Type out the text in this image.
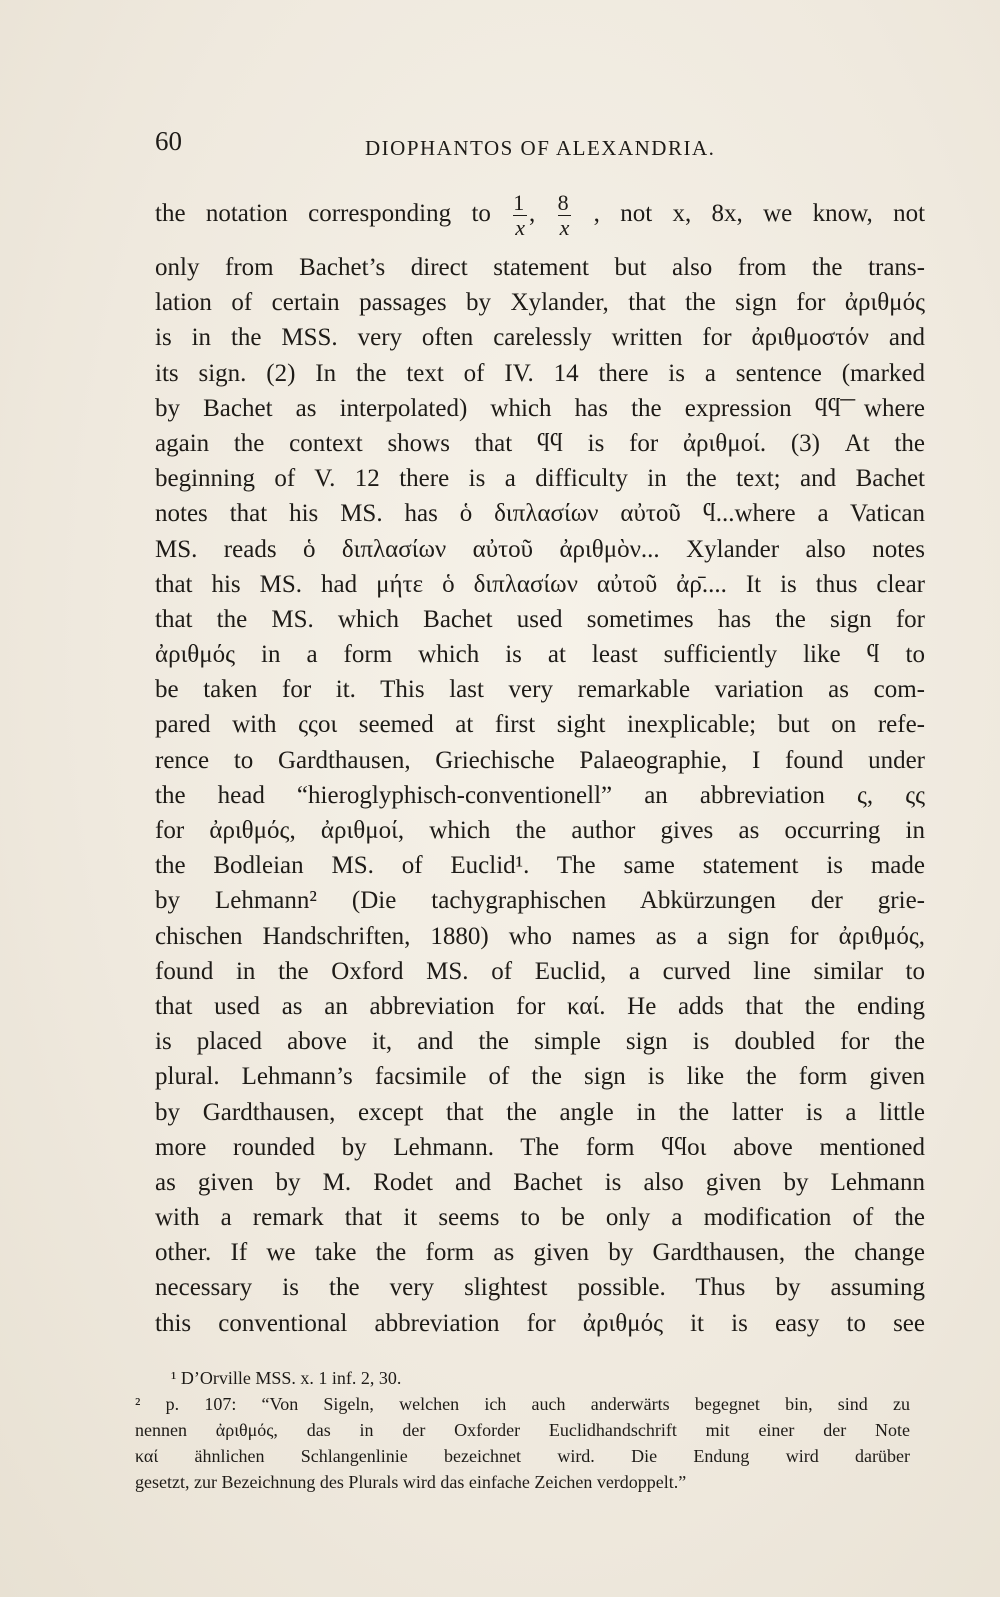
60	DIOPHANTOS OF ALEXANDRIA.
the notation corresponding to $\frac{1}{x}$ , $\frac{8}{x}$ , not x, 8x, we know, not
only from Bachet’s direct statement but also from the trans-
lation of certain passages by Xylander, that the sign for ἀριθμός
is in the MSS. very often carelessly written for ἀριθμοστόν and
its sign. (2) In the text of IV. 14 there is a sentence (marked
by Bachet as interpolated) which has the expression ϥϥ͞ where
again the context shows that ϥϥ is for ἀριθμοί. (3) At the
beginning of V. 12 there is a difficulty in the text; and Bachet
notes that his MS. has ὁ διπλασίων αὐτοῦ ϥ...where a Vatican
MS. reads ὁ διπλασίων αὐτοῦ ἀριθμὸν... Xylander also notes
that his MS. had μήτε ὁ διπλασίων αὐτοῦ ἀρ̄.... It is thus clear
that the MS. which Bachet used sometimes has the sign for
ἀριθμός in a form which is at least sufficiently like ϥ to
be taken for it. This last very remarkable variation as com-
pared with ςςοι seemed at first sight inexplicable; but on refe-
rence to Gardthausen, Griechische Palaeographie, I found under
the head “hieroglyphisch-conventionell” an abbreviation ς, ςς
for ἀριθμός, ἀριθμοί, which the author gives as occurring in
the Bodleian MS. of Euclid¹. The same statement is made
by Lehmann² (Die tachygraphischen Abkürzungen der grie-
chischen Handschriften, 1880) who names as a sign for ἀριθμός,
found in the Oxford MS. of Euclid, a curved line similar to
that used as an abbreviation for καί. He adds that the ending
is placed above it, and the simple sign is doubled for the
plural. Lehmann’s facsimile of the sign is like the form given
by Gardthausen, except that the angle in the latter is a little
more rounded by Lehmann. The form ϥϥοι above mentioned
as given by M. Rodet and Bachet is also given by Lehmann
with a remark that it seems to be only a modification of the
other. If we take the form as given by Gardthausen, the change
necessary is the very slightest possible. Thus by assuming
this conventional abbreviation for ἀριθμός it is easy to see
¹ D’Orville MSS. x. 1 inf. 2, 30.
² p. 107: “Von Sigeln, welchen ich auch anderwärts begegnet bin, sind zu
nennen ἀριθμός, das in der Oxforder Euclidhandschrift mit einer der Note
καί ähnlichen Schlangenlinie bezeichnet wird. Die Endung wird darüber
gesetzt, zur Bezeichnung des Plurals wird das einfache Zeichen verdoppelt.”
